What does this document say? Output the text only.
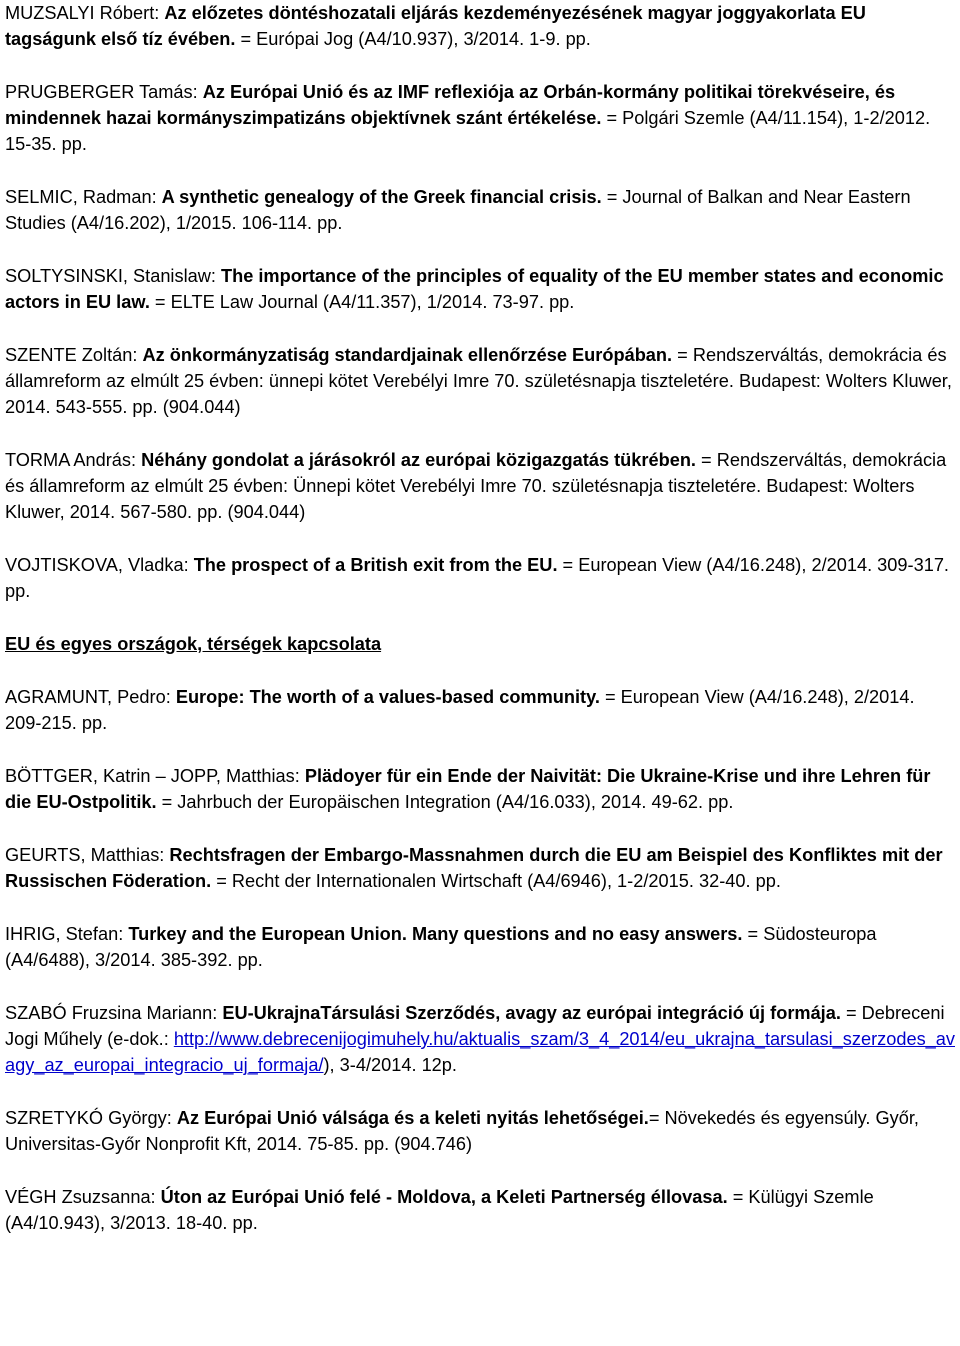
MUZSALYI Róbert: Az előzetes döntéshozatali eljárás kezdeményezésének magyar joggyakorlata EU tagságunk első tíz évében. = Európai Jog (A4/10.937), 3/2014. 1-9. pp.

PRUGBERGER Tamás: Az Európai Unió és az IMF reflexiója az Orbán-kormány politikai törekvéseire, és mindennek hazai kormányszimpatizáns objektívnek szánt értékelése. = Polgári Szemle (A4/11.154), 1-2/2012. 15-35. pp.

SELMIC, Radman: A synthetic genealogy of the Greek financial crisis. = Journal of Balkan and Near Eastern Studies (A4/16.202), 1/2015. 106-114. pp.

SOLTYSINSKI, Stanislaw: The importance of the principles of equality of the EU member states and economic actors in EU law. = ELTE Law Journal (A4/11.357), 1/2014. 73-97. pp.

SZENTE Zoltán: Az önkormányzatiság standardjainak ellenőrzése Európában. = Rendszerváltás, demokrácia és államreform az elmúlt 25 évben: ünnepi kötet Verebélyi Imre 70. születésnapja tiszteletére. Budapest: Wolters Kluwer, 2014. 543-555. pp. (904.044)

TORMA András: Néhány gondolat a járásokról az európai közigazgatás tükrében. = Rendszerváltás, demokrácia és államreform az elmúlt 25 évben: Ünnepi kötet Verebélyi Imre 70. születésnapja tiszteletére. Budapest: Wolters Kluwer, 2014. 567-580. pp. (904.044)

VOJTISKOVA, Vladka: The prospect of a British exit from the EU. = European View (A4/16.248), 2/2014. 309-317. pp.

EU és egyes országok, térségek kapcsolata

AGRAMUNT, Pedro: Europe: The worth of a values-based community. = European View (A4/16.248), 2/2014. 209-215. pp.

BÖTTGER, Katrin – JOPP, Matthias: Plädoyer für ein Ende der Naivität: Die Ukraine-Krise und ihre Lehren für die EU-Ostpolitik. = Jahrbuch der Europäischen Integration (A4/16.033), 2014. 49-62. pp.

GEURTS, Matthias: Rechtsfragen der Embargo-Massnahmen durch die EU am Beispiel des Konfliktes mit der Russischen Föderation. = Recht der Internationalen Wirtschaft (A4/6946), 1-2/2015. 32-40. pp.

IHRIG, Stefan: Turkey and the European Union. Many questions and no easy answers. = Südosteuropa (A4/6488), 3/2014. 385-392. pp.

SZABÓ Fruzsina Mariann: EU-UkrajnaTársulási Szerződés, avagy az európai integráció új formája. = Debreceni Jogi Műhely (e-dok.: http://www.debrecenijogimuhely.hu/aktualis_szam/3_4_2014/eu_ukrajna_tarsulasi_szerzodes_avagy_az_europai_integracio_uj_formaja/), 3-4/2014. 12p.

SZRETYKÓ György: Az Európai Unió válsága és a keleti nyitás lehetőségei.= Növekedés és egyensúly. Győr, Universitas-Győr Nonprofit Kft, 2014. 75-85. pp. (904.746)

VÉGH Zsuzsanna: Úton az Európai Unió felé - Moldova, a Keleti Partnerség éllovasa. = Külügyi Szemle (A4/10.943), 3/2013. 18-40. pp.
